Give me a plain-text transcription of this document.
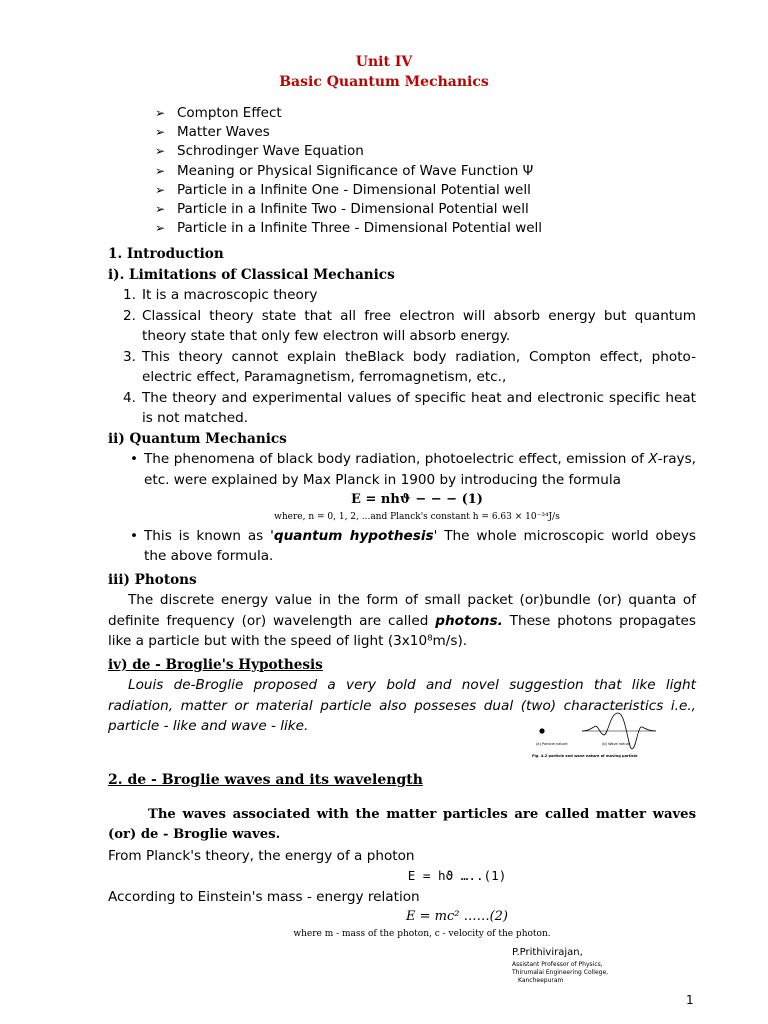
Unit IV
Basic Quantum Mechanics
➢ Compton Effect
➢ Matter Waves
➢ Schrodinger Wave Equation
➢ Meaning or Physical Significance of Wave Function Ψ
➢ Particle in a Infinite One - Dimensional Potential well
➢ Particle in a Infinite Two - Dimensional Potential well
➢ Particle in a Infinite Three - Dimensional Potential well
1. Introduction
i). Limitations of Classical Mechanics
1. It is a macroscopic theory
2. Classical theory state that all free electron will absorb energy but quantum theory state that only few electron will absorb energy.
3. This theory cannot explain theBlack body radiation, Compton effect, photo-electric effect, Paramagnetism, ferromagnetism, etc.,
4. The theory and experimental values of specific heat and electronic specific heat is not matched.
ii) Quantum Mechanics
• The phenomena of black body radiation, photoelectric effect, emission of X-rays, etc. were explained by Max Planck in 1900 by introducing the formula
E = nhϑ − − − (1)
where, n = 0, 1, 2, ...and Planck's constant h = 6.63 × 10⁻³⁴J/s
• This is known as 'quantum hypothesis' The whole microscopic world obeys the above formula.
iii) Photons
The discrete energy value in the form of small packet (or)bundle (or) quanta of definite frequency (or) wavelength are called photons. These photons propagates like a particle but with the speed of light (3x10⁸m/s).
iv) de - Broglie's Hypothesis
Louis de-Broglie proposed a very bold and novel suggestion that like light radiation, matter or material particle also posseses dual (two) characteristics i.e., particle - like and wave - like.
(a) Particle nature	(b) Wave nature
Fig. 4.2 particle and wave nature of moving particle
2. de - Broglie waves and its wavelength
The waves associated with the matter particles are called matter waves (or) de - Broglie waves.
From Planck's theory, the energy of a photon
E = hϑ …..(1)
According to Einstein's mass - energy relation
E = mc² ……(2)
where m - mass of the photon, c - velocity of the photon.
P.Prithivirajan,
Assistant Professor of Physics,
Thirumalai Engineering College,
Kancheepuram
1
